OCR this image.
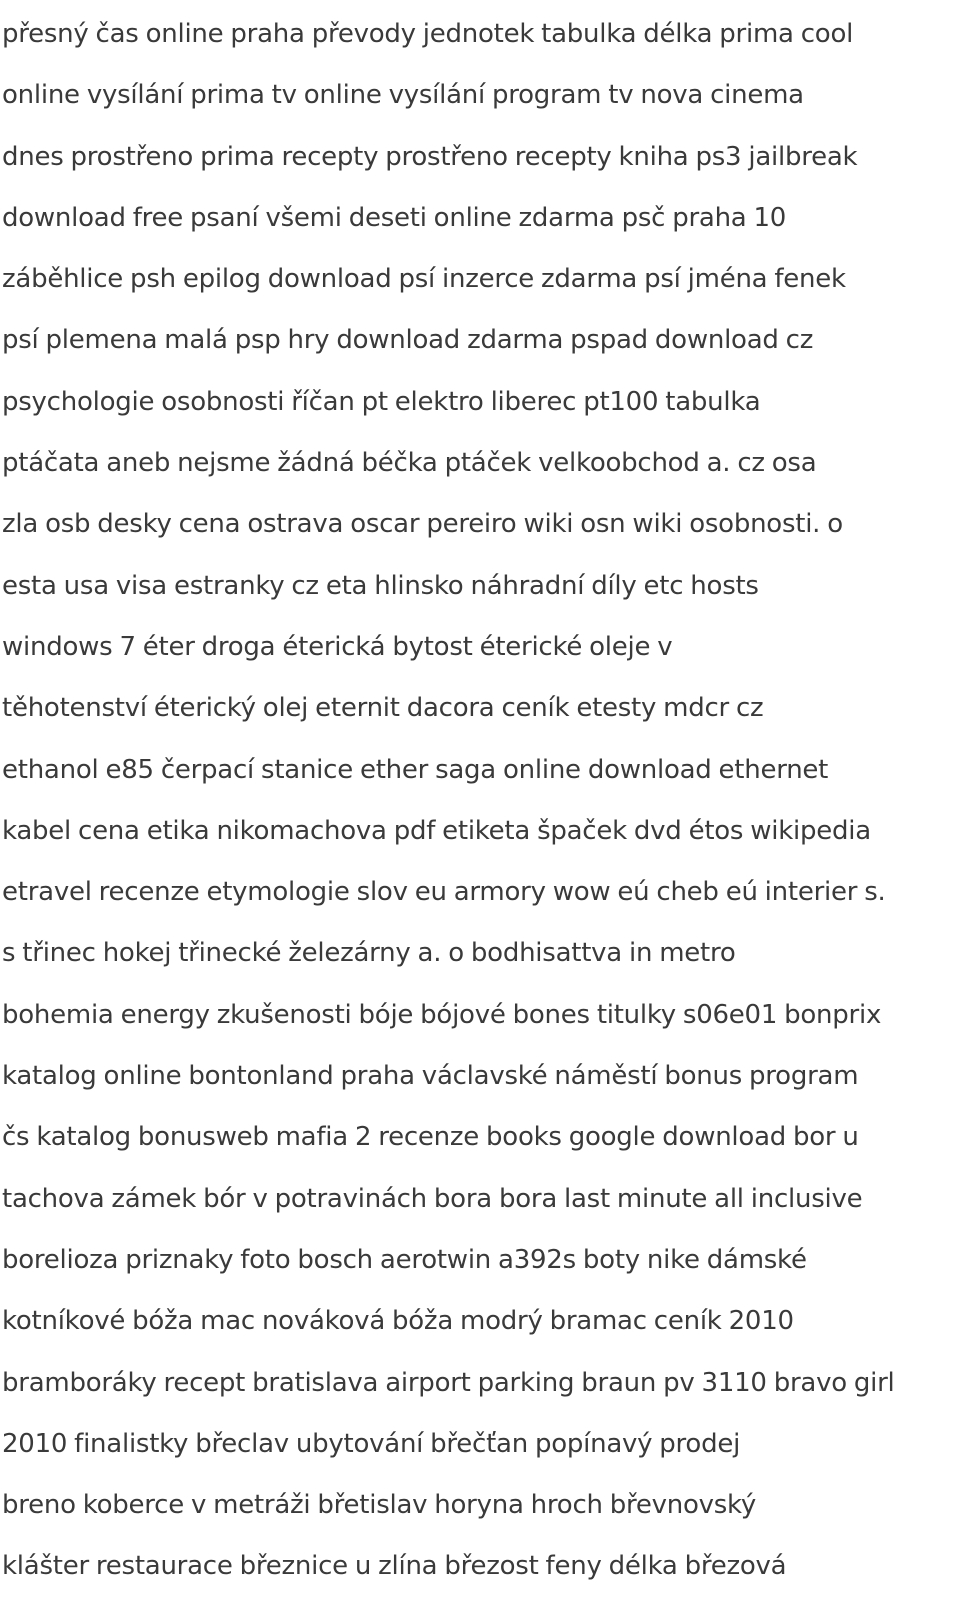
přesný čas online praha převody jednotek tabulka délka prima cool
online vysílání prima tv online vysílání program tv nova cinema
dnes prostřeno prima recepty prostřeno recepty kniha ps3 jailbreak
download free psaní všemi deseti online zdarma psč praha 10
záběhlice psh epilog download psí inzerce zdarma psí jména fenek
psí plemena malá psp hry download zdarma pspad download cz
psychologie osobnosti říčan pt elektro liberec pt100 tabulka
ptáčata aneb nejsme žádná béčka ptáček velkoobchod a. cz osa
zla osb desky cena ostrava oscar pereiro wiki osn wiki osobnosti. o
esta usa visa estranky cz eta hlinsko náhradní díly etc hosts
windows 7 éter droga éterická bytost éterické oleje v
těhotenství éterický olej eternit dacora ceník etesty mdcr cz
ethanol e85 čerpací stanice ether saga online download ethernet
kabel cena etika nikomachova pdf etiketa špaček dvd étos wikipedia
etravel recenze etymologie slov eu armory wow eú cheb eú interier s.
s třinec hokej třinecké železárny a. o bodhisattva in metro
bohemia energy zkušenosti bóje bójové bones titulky s06e01 bonprix
katalog online bontonland praha václavské náměstí bonus program
čs katalog bonusweb mafia 2 recenze books google download bor u
tachova zámek bór v potravinách bora bora last minute all inclusive
borelioza priznaky foto bosch aerotwin a392s boty nike dámské
kotníkové bóža mac nováková bóža modrý bramac ceník 2010
bramboráky recept bratislava airport parking braun pv 3110 bravo girl
2010 finalistky břeclav ubytování břečťan popínavý prodej
breno koberce v metráži břetislav horyna hroch břevnovský
klášter restaurace březnice u zlína březost feny délka březová
